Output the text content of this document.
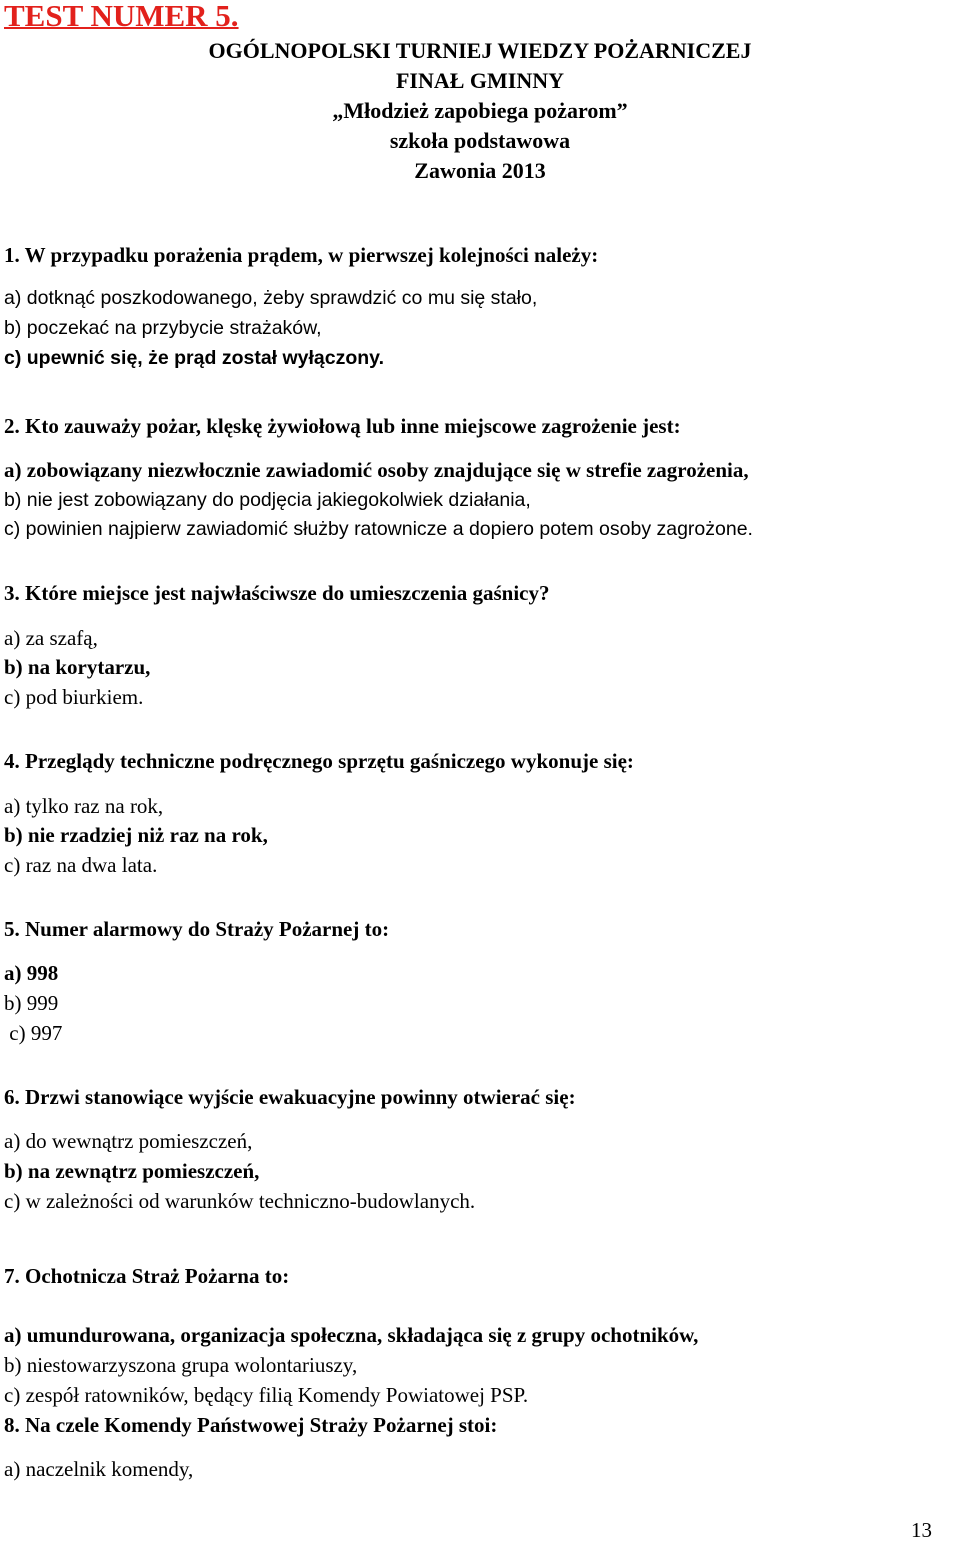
TEST NUMER 5.
OGÓLNOPOLSKI TURNIEJ WIEDZY POŻARNICZEJ
FINAŁ GMINNY
„Młodzież zapobiega pożarom”
szkoła podstawowa
Zawonia 2013
1. W przypadku porażenia prądem, w pierwszej kolejności należy:
a) dotknąć poszkodowanego, żeby sprawdzić co mu się stało,
b) poczekać na przybycie strażaków,
c) upewnić się, że prąd został wyłączony.
2. Kto zauważy pożar, klęskę żywiołową lub inne miejscowe zagrożenie jest:
a) zobowiązany niezwłocznie zawiadomić osoby znajdujące się w strefie zagrożenia,
b) nie jest zobowiązany do podjęcia jakiegokolwiek działania,
c) powinien najpierw zawiadomić służby ratownicze a dopiero potem osoby zagrożone.
3. Które miejsce jest najwłaściwsze do umieszczenia gaśnicy?
a) za szafą,
b) na korytarzu,
c) pod biurkiem.
4. Przeglądy techniczne podręcznego sprzętu gaśniczego wykonuje się:
a) tylko raz na rok,
b) nie rzadziej niż raz na rok,
c) raz na dwa lata.
5. Numer alarmowy do Straży Pożarnej to:
a) 998
b) 999
c) 997
6. Drzwi stanowiące wyjście ewakuacyjne powinny otwierać się:
a) do wewnątrz pomieszczeń,
b) na zewnątrz pomieszczeń,
c) w zależności od warunków techniczno-budowlanych.
7. Ochotnicza Straż Pożarna to:
a) umundurowana, organizacja społeczna, składająca się z grupy ochotników,
b) niestowarzyszona grupa wolontariuszy,
c) zespół ratowników, będący filią Komendy Powiatowej PSP.
8. Na czele Komendy Państwowej Straży Pożarnej stoi:
a) naczelnik komendy,
13
